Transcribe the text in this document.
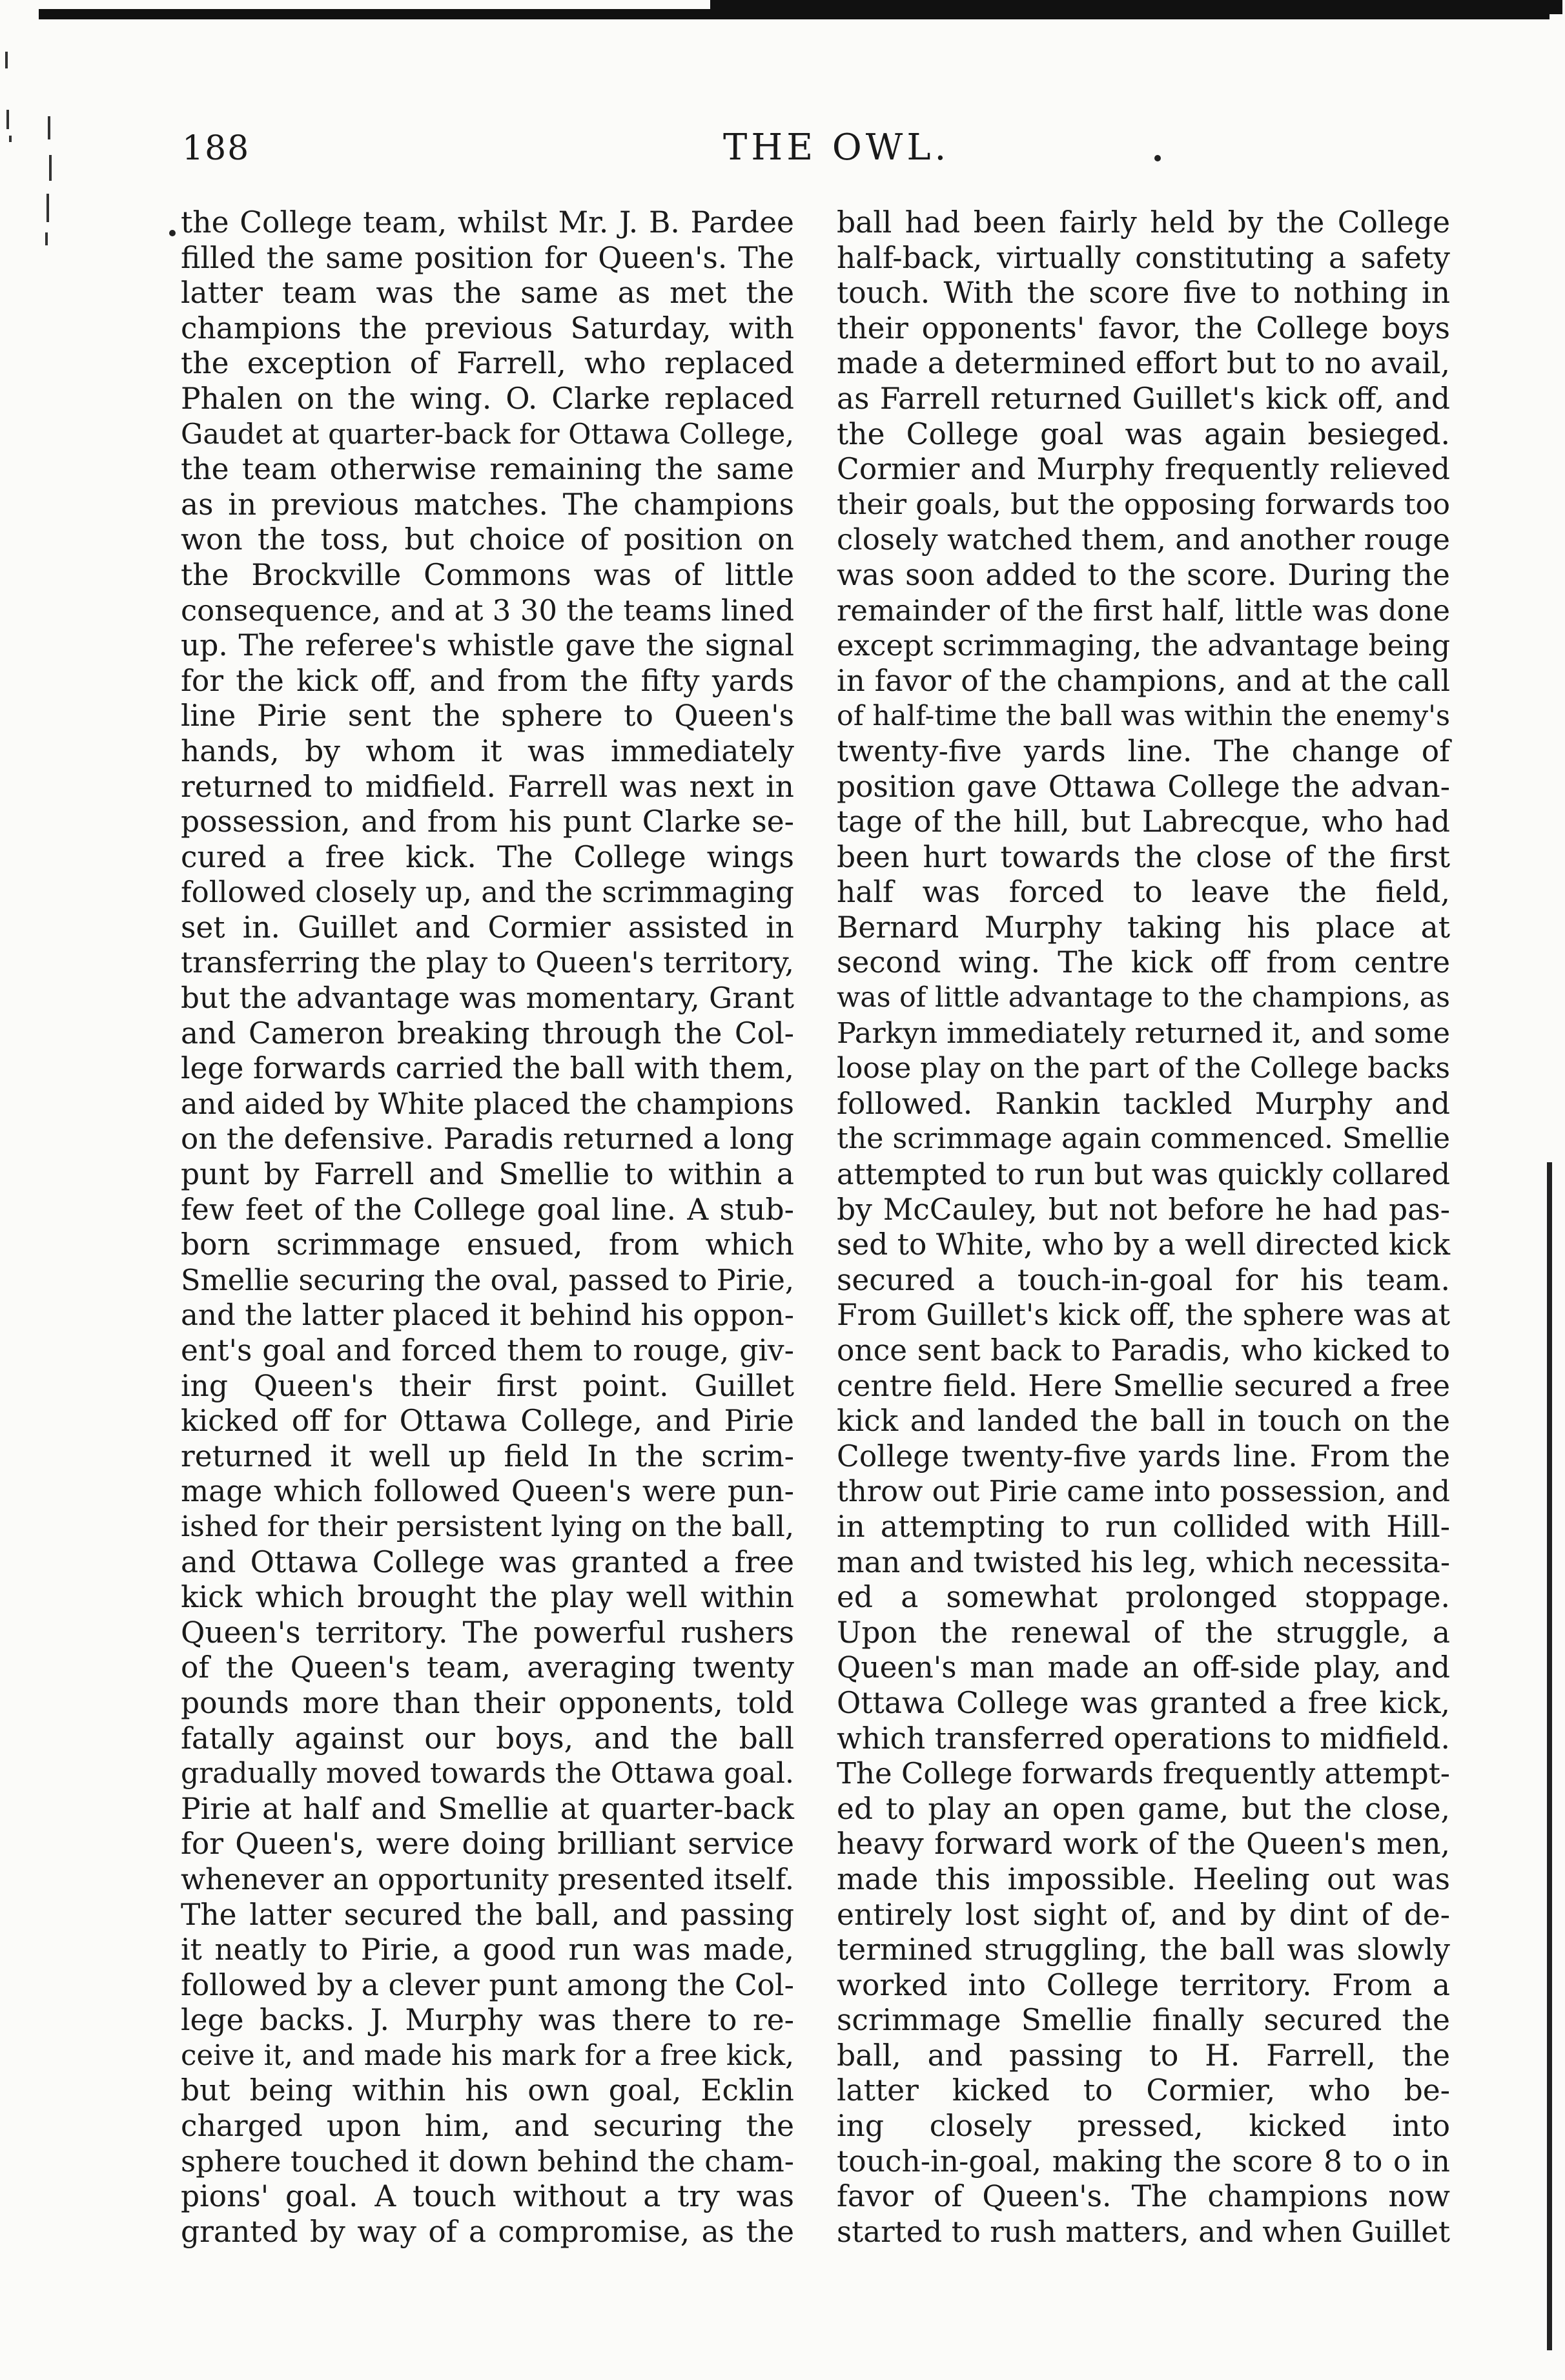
188	THE OWL.
the College team, whilst Mr. J. B. Pardee
filled the same position for Queen's. The
latter team was the same as met the
champions the previous Saturday, with
the exception of Farrell, who replaced
Phalen on the wing. O. Clarke replaced
Gaudet at quarter-back for Ottawa College,
the team otherwise remaining the same
as in previous matches. The champions
won the toss, but choice of position on
the Brockville Commons was of little
consequence, and at 3 30 the teams lined
up. The referee's whistle gave the signal
for the kick off, and from the fifty yards
line Pirie sent the sphere to Queen's
hands, by whom it was immediately
returned to midfield. Farrell was next in
possession, and from his punt Clarke se-
cured a free kick. The College wings
followed closely up, and the scrimmaging
set in. Guillet and Cormier assisted in
transferring the play to Queen's territory,
but the advantage was momentary, Grant
and Cameron breaking through the Col-
lege forwards carried the ball with them,
and aided by White placed the champions
on the defensive. Paradis returned a long
punt by Farrell and Smellie to within a
few feet of the College goal line. A stub-
born scrimmage ensued, from which
Smellie securing the oval, passed to Pirie,
and the latter placed it behind his oppon-
ent's goal and forced them to rouge, giv-
ing Queen's their first point. Guillet
kicked off for Ottawa College, and Pirie
returned it well up field In the scrim-
mage which followed Queen's were pun-
ished for their persistent lying on the ball,
and Ottawa College was granted a free
kick which brought the play well within
Queen's territory. The powerful rushers
of the Queen's team, averaging twenty
pounds more than their opponents, told
fatally against our boys, and the ball
gradually moved towards the Ottawa goal.
Pirie at half and Smellie at quarter-back
for Queen's, were doing brilliant service
whenever an opportunity presented itself.
The latter secured the ball, and passing
it neatly to Pirie, a good run was made,
followed by a clever punt among the Col-
lege backs. J. Murphy was there to re-
ceive it, and made his mark for a free kick,
but being within his own goal, Ecklin
charged upon him, and securing the
sphere touched it down behind the cham-
pions' goal. A touch without a try was
granted by way of a compromise, as the
ball had been fairly held by the College
half-back, virtually constituting a safety
touch. With the score five to nothing in
their opponents' favor, the College boys
made a determined effort but to no avail,
as Farrell returned Guillet's kick off, and
the College goal was again besieged.
Cormier and Murphy frequently relieved
their goals, but the opposing forwards too
closely watched them, and another rouge
was soon added to the score. During the
remainder of the first half, little was done
except scrimmaging, the advantage being
in favor of the champions, and at the call
of half-time the ball was within the enemy's
twenty-five yards line. The change of
position gave Ottawa College the advan-
tage of the hill, but Labrecque, who had
been hurt towards the close of the first
half was forced to leave the field,
Bernard Murphy taking his place at
second wing. The kick off from centre
was of little advantage to the champions, as
Parkyn immediately returned it, and some
loose play on the part of the College backs
followed. Rankin tackled Murphy and
the scrimmage again commenced. Smellie
attempted to run but was quickly collared
by McCauley, but not before he had pas-
sed to White, who by a well directed kick
secured a touch-in-goal for his team.
From Guillet's kick off, the sphere was at
once sent back to Paradis, who kicked to
centre field. Here Smellie secured a free
kick and landed the ball in touch on the
College twenty-five yards line. From the
throw out Pirie came into possession, and
in attempting to run collided with Hill-
man and twisted his leg, which necessita-
ed a somewhat prolonged stoppage.
Upon the renewal of the struggle, a
Queen's man made an off-side play, and
Ottawa College was granted a free kick,
which transferred operations to midfield.
The College forwards frequently attempt-
ed to play an open game, but the close,
heavy forward work of the Queen's men,
made this impossible. Heeling out was
entirely lost sight of, and by dint of de-
termined struggling, the ball was slowly
worked into College territory. From a
scrimmage Smellie finally secured the
ball, and passing to H. Farrell, the
latter kicked to Cormier, who be-
ing closely pressed, kicked into
touch-in-goal, making the score 8 to o in
favor of Queen's. The champions now
started to rush matters, and when Guillet
